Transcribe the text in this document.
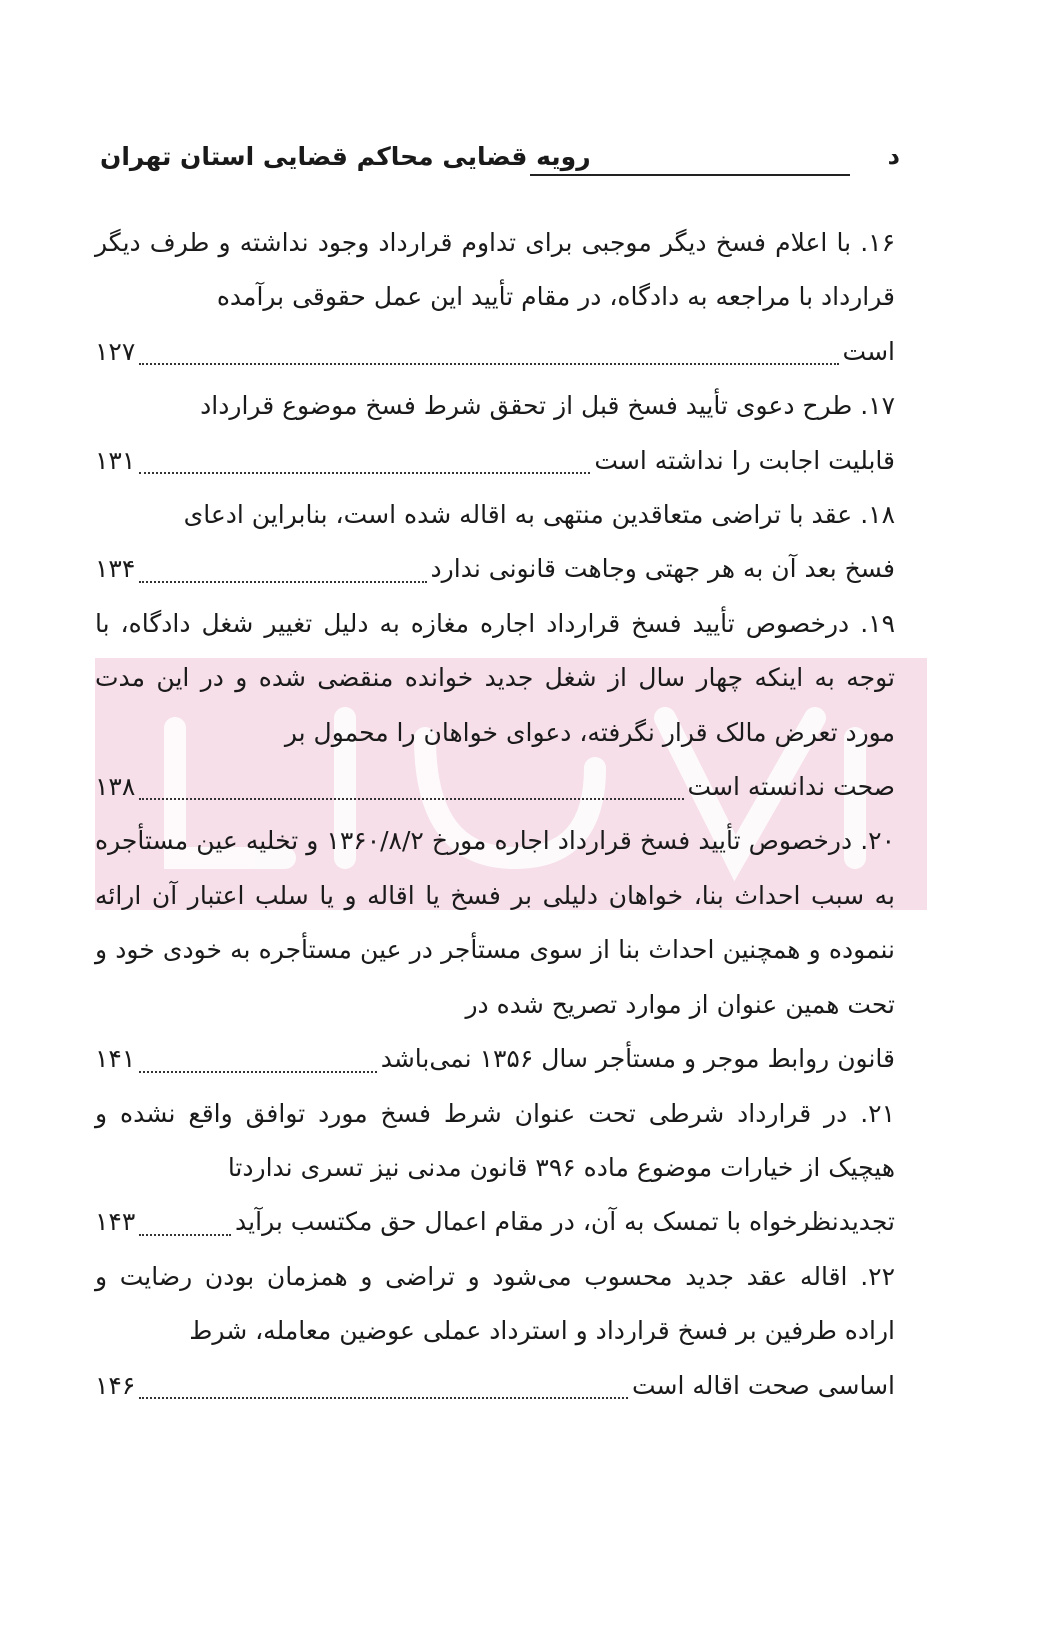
د
رویه قضایی محاکم قضایی استان تهران
۱۶. با اعلام فسخ دیگر موجبی برای تداوم قرارداد وجود نداشته و طرف دیگر قرارداد با مراجعه به دادگاه، در مقام تأیید این عمل حقوقی برآمده
است
۱۲۷
۱۷. طرح دعوی تأیید فسخ قبل از تحقق شرط فسخ موضوع قرارداد
قابلیت اجابت را نداشته است
۱۳۱
۱۸. عقد با تراضی متعاقدین منتهی به اقاله شده است، بنابراین ادعای
فسخ بعد آن به هر جهتی وجاهت قانونی ندارد
۱۳۴
۱۹. درخصوص تأیید فسخ قرارداد اجاره مغازه به دلیل تغییر شغل دادگاه، با توجه به اینکه چهار سال از شغل جدید خوانده منقضی شده و در این مدت مورد تعرض مالک قرار نگرفته، دعوای خواهان را محمول بر
صحت ندانسته است
۱۳۸
۲۰. درخصوص تأیید فسخ قرارداد اجاره مورخ ۱۳۶۰/۸/۲ و تخلیه عین مستأجره به سبب احداث بنا، خواهان دلیلی بر فسخ یا اقاله و یا سلب اعتبار آن ارائه ننموده و همچنین احداث بنا از سوی مستأجر در عین مستأجره به خودی خود و تحت همین عنوان از موارد تصریح شده در
قانون روابط موجر و مستأجر سال ۱۳۵۶ نمی‌باشد
۱۴۱
۲۱. در قرارداد شرطی تحت عنوان شرط فسخ مورد توافق واقع نشده و هیچیک از خیارات موضوع ماده ۳۹۶ قانون مدنی نیز تسری نداردتا
تجدیدنظرخواه با تمسک به آن، در مقام اعمال حق مکتسب برآید
۱۴۳
۲۲. اقاله عقد جدید محسوب می‌شود و تراضی و همزمان بودن رضایت و اراده طرفین بر فسخ قرارداد و استرداد عملی عوضین معامله، شرط
اساسی صحت اقاله است
۱۴۶
